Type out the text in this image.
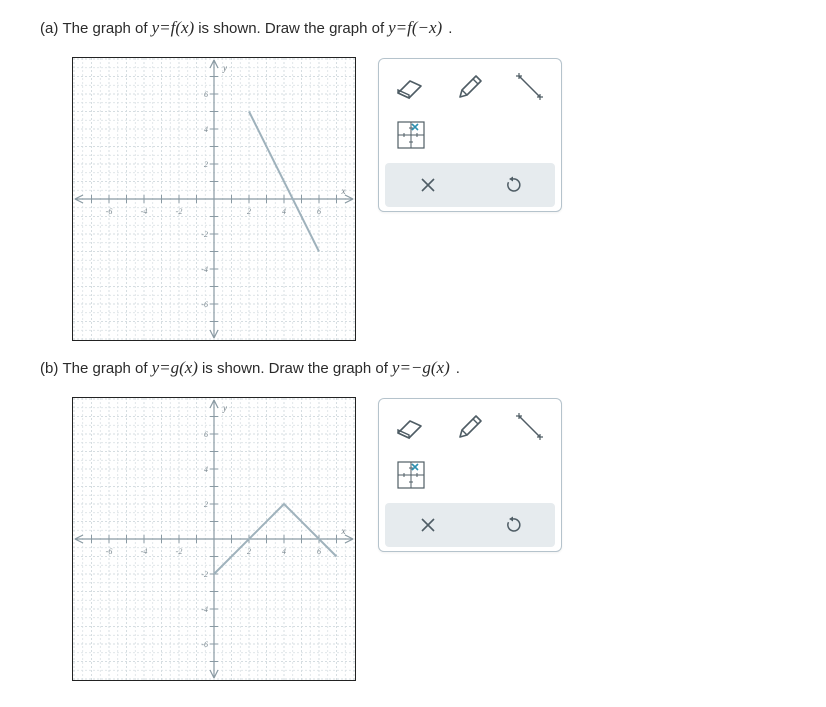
(a)
The graph of y=f(x) is shown. Draw the graph of y=f(−x) .
-6
-6
-4
-4
-2
-2
2
2
4
4
6
6
x
y
(b)
The graph of y=g(x) is shown. Draw the graph of y=−g(x) .
-6
-6
-4
-4
-2
-2
2
2
4
4
6
6
x
y
